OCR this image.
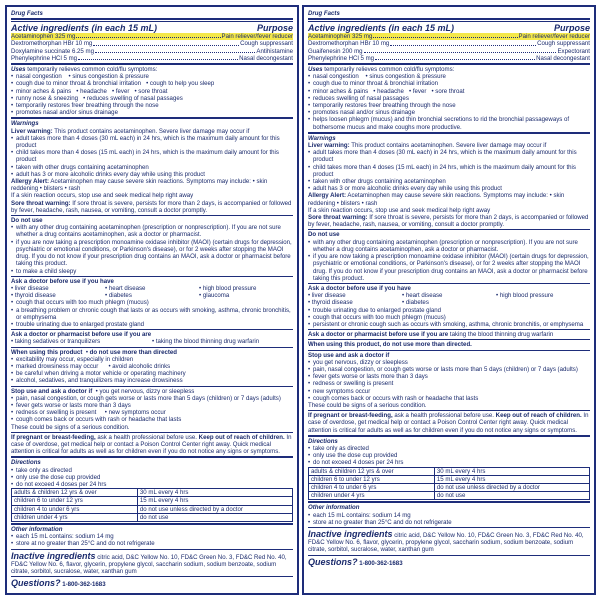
Drug Facts
Active ingredients (in each 15 mL)	Purpose
Acetaminophen 325 mg	Pain reliever/fever reducer
Dextromethorphan HBr 10 mg	Cough suppressant
Doxylamine succinate 6.25 mg	Antihistamine
Phenylephrine HCl 5 mg	Nasal decongestant
Uses temporarily relieves common cold/flu symptoms:
• nasal congestion    • sinus congestion & pressure
• cough due to minor throat & bronchial irritation   • cough to help you sleep
• minor aches & pains   • headache   • fever   • sore throat
• runny nose & sneezing   • reduces swelling of nasal passages
• temporarily restores freer breathing through the nose
• promotes nasal and/or sinus drainage
Warnings

Liver warning: This product contains acetaminophen. Severe liver damage may occur if

• adult takes more than 4 doses (30 mL each) in 24 hrs, which is the maximum daily amount for this product
• child takes more than 4 doses (15 mL each) in 24 hrs, which is the maximum daily amount for this product
• taken with other drugs containing acetaminophen
• adult has 3 or more alcoholic drinks every day while using this product

Allergy Alert: Acetaminophen may cause severe skin reactions. Symptoms may include: • skin reddening • blisters • rash

If a skin reaction occurs, stop use and seek medical help right away

Sore throat warning: If sore throat is severe, persists for more than 2 days, is accompanied or followed by fever, headache, rash, nausea, or vomiting, consult a doctor promptly.

Do not use
• with any other drug containing acetaminophen (prescription or nonprescription). If you are not sure whether a drug contains acetaminophen, ask a doctor or pharmacist.
• if you are now taking a prescription monoamine oxidase inhibitor (MAOI) (certain drugs for depression, psychiatric or emotional conditions, or Parkinson's disease), or for 2 weeks after stopping the MAOI drug. If you do not know if your prescription drug contains an MAOI, ask a doctor or pharmacist before taking this product.
• to make a child sleepy
Ask a doctor before use if you have
• liver disease	• heart disease	• high blood pressure
• thyroid disease	• diabetes	• glaucoma
• cough that occurs with too much phlegm (mucus)
• a breathing problem or chronic cough that lasts or as occurs with smoking, asthma, chronic bronchitis, or emphysema
• trouble urinating due to enlarged prostate gland
Ask a doctor or pharmacist before use if you are
• taking sedatives or tranquilizers	• taking the blood thinning drug warfarin
When using this product  • do not use more than directed
• excitability may occur, especially in children
• marked drowsiness may occur      • avoid alcoholic drinks
• be careful when driving a motor vehicle or operating machinery
• alcohol, sedatives, and tranquilizers may increase drowsiness
Stop use and ask a doctor if  • you get nervous, dizzy or sleepless
• pain, nasal congestion, or cough gets worse or lasts more than 5 days (children) or 7 days (adults)
• fever gets worse or lasts more than 3 days
• redness or swelling is present     • new symptoms occur
• cough comes back or occurs with rash or headache that lasts

These could be signs of a serious condition.

If pregnant or breast-feeding, ask a health professional before use. Keep out of reach of children. In case of overdose, get medical help or contact a Poison Control Center right away. Quick medical attention is critical for adults as well as for children even if you do not notice any signs or symptoms.

Directions
• take only as directed
• only use the dose cup provided
• do not exceed 4 doses per 24 hrs
adults & children 12 yrs & over	30 mL every 4 hrs
children 6 to under 12 yrs	15 mL every 4 hrs
children 4 to under 6 yrs	do not use unless directed by a doctor
children under 4 yrs	do not use
Other information
• each 15 mL contains: sodium 14 mg
• store at no greater than 25°C and do not refrigerate

Inactive ingredients citric acid, D&C Yellow No. 10, FD&C Green No. 3, FD&C Red No. 40, FD&C Yellow No. 6, flavor, glycerin, propylene glycol, saccharin sodium, sodium benzoate, sodium citrate, sorbitol, sucralose, water, xanthan gum

Questions? 1-800-362-1683

Drug Facts
Active ingredients (in each 15 mL)	Purpose
Acetaminophen 325 mg	Pain reliever/fever reducer
Dextromethorphan HBr 10 mg	Cough suppressant
Guaifenesin 200 mg	Expectorant
Phenylephrine HCl 5 mg	Nasal decongestant
Uses temporarily relieves common cold/flu symptoms:
• nasal congestion    • sinus congestion & pressure
• cough due to minor throat & bronchial irritation
• minor aches & pains   • headache   • fever   • sore throat
• reduces swelling of nasal passages
• temporarily restores freer breathing through the nose
• promotes nasal and/or sinus drainage
• helps loosen phlegm (mucus) and thin bronchial secretions to rid the bronchial passageways of bothersome mucus and make coughs more productive.
Warnings

Liver warning: This product contains acetaminophen. Severe liver damage may occur if

• adult takes more than 4 doses (30 mL each) in 24 hrs, which is the maximum daily amount for this product
• child takes more than 4 doses (15 mL each) in 24 hrs, which is the maximum daily amount for this product
• taken with other drugs containing acetaminophen
• adult has 3 or more alcoholic drinks every day while using this product

Allergy Alert: Acetaminophen may cause severe skin reactions. Symptoms may include: • skin reddening • blisters • rash

If a skin reaction occurs, stop use and seek medical help right away

Sore throat warning: If sore throat is severe, persists for more than 2 days, is accompanied or followed by fever, headache, rash, nausea, or vomiting, consult a doctor promptly.

Do not use
• with any other drug containing acetaminophen (prescription or nonprescription). If you are not sure whether a drug contains acetaminophen, ask a doctor or pharmacist.
• if you are now taking a prescription monoamine oxidase inhibitor (MAOI) (certain drugs for depression, psychiatric or emotional conditions, or Parkinson's disease), or for 2 weeks after stopping the MAOI drug. If you do not know if your prescription drug contains an MAOI, ask a doctor or pharmacist before taking this product.
Ask a doctor before use if you have
• liver disease	• heart disease	• high blood pressure
• thyroid disease	• diabetes
• trouble urinating due to enlarged prostate gland
• cough that occurs with too much phlegm (mucus)
• persistent or chronic cough such as occurs with smoking, asthma, chronic bronchitis, or emphysema
Ask a doctor or pharmacist before use if you are taking the blood thinning drug warfarin
When using this product, do not use more than directed.
Stop use and ask a doctor if
• you get nervous, dizzy or sleepless
• pain, nasal congestion, or cough gets worse or lasts more than 5 days (children) or 7 days (adults)
• fever gets worse or lasts more than 3 days
• redness or swelling is present
• new symptoms occur
• cough comes back or occurs with rash or headache that lasts

These could be signs of a serious condition.

If pregnant or breast-feeding, ask a health professional before use. Keep out of reach of children. In case of overdose, get medical help or contact a Poison Control Center right away. Quick medical attention is critical for adults as well as for children even if you do not notice any signs or symptoms.

Directions
• take only as directed
• only use the dose cup provided
• do not exceed 4 doses per 24 hrs
adults & children 12 yrs & over	30 mL every 4 hrs
children 6 to under 12 yrs	15 mL every 4 hrs
children 4 to under 6 yrs	do not use unless directed by a doctor
children under 4 yrs	do not use
Other information
• each 15 mL contains: sodium 14 mg
• store at no greater than 25°C and do not refrigerate

Inactive ingredients citric acid, D&C Yellow No. 10, FD&C Green No. 3, FD&C Red No. 40, FD&C Yellow No. 6, flavor, glycerin, propylene glycol, saccharin sodium, sodium benzoate, sodium citrate, sorbitol, sucralose, water, xanthan gum

Questions? 1-800-362-1683
